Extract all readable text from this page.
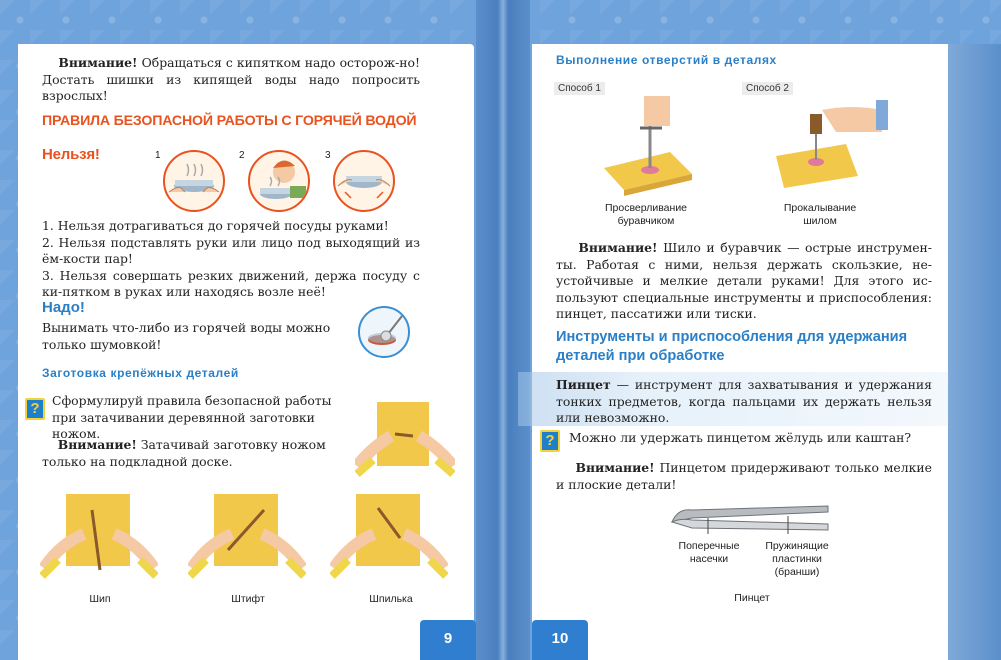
Внимание! Обращаться с кипятком надо осторож-но! Достать шишки из кипящей воды надо попросить взрослых!
ПРАВИЛА БЕЗОПАСНОЙ РАБОТЫ С ГОРЯЧЕЙ ВОДОЙ
Нельзя!	1	2	3
1. Нельзя дотрагиваться до горячей посуды руками!
2. Нельзя подставлять руки или лицо под выходящий из ём-кости пар!
3. Нельзя совершать резких движений, держа посуду с ки-пятком в руках или находясь возле неё!
Надо!
Вынимать что-либо из горячей воды можно только шумовкой!
Заготовка крепёжных деталей
?	Сформулируй правила безопасной работы при затачивании деревянной заготовки ножом.
Внимание! Затачивай заготовку ножом только на подкладной доске.
Шип	Штифт	Шпилька
9
Выполнение отверстий в деталях
Способ 1	Способ 2
Просверливание буравчиком
Прокалывание шилом
Внимание! Шило и буравчик — острые инструмен-ты. Работая с ними, нельзя держать скользкие, не-устойчивые и мелкие детали руками! Для этого ис-пользуют специальные инструменты и приспособления: пинцет, пассатижи или тиски.
Инструменты и приспособления для удержания деталей при обработке
Пинцет — инструмент для захватывания и удержания тонких предметов, когда пальцами их держать нельзя или невозможно.
?	Можно ли удержать пинцетом жёлудь или каштан?
Внимание! Пинцетом придерживают только мелкие и плоские детали!
Поперечные насечки
Пружинящие пластинки (бранши)
Пинцет
10
